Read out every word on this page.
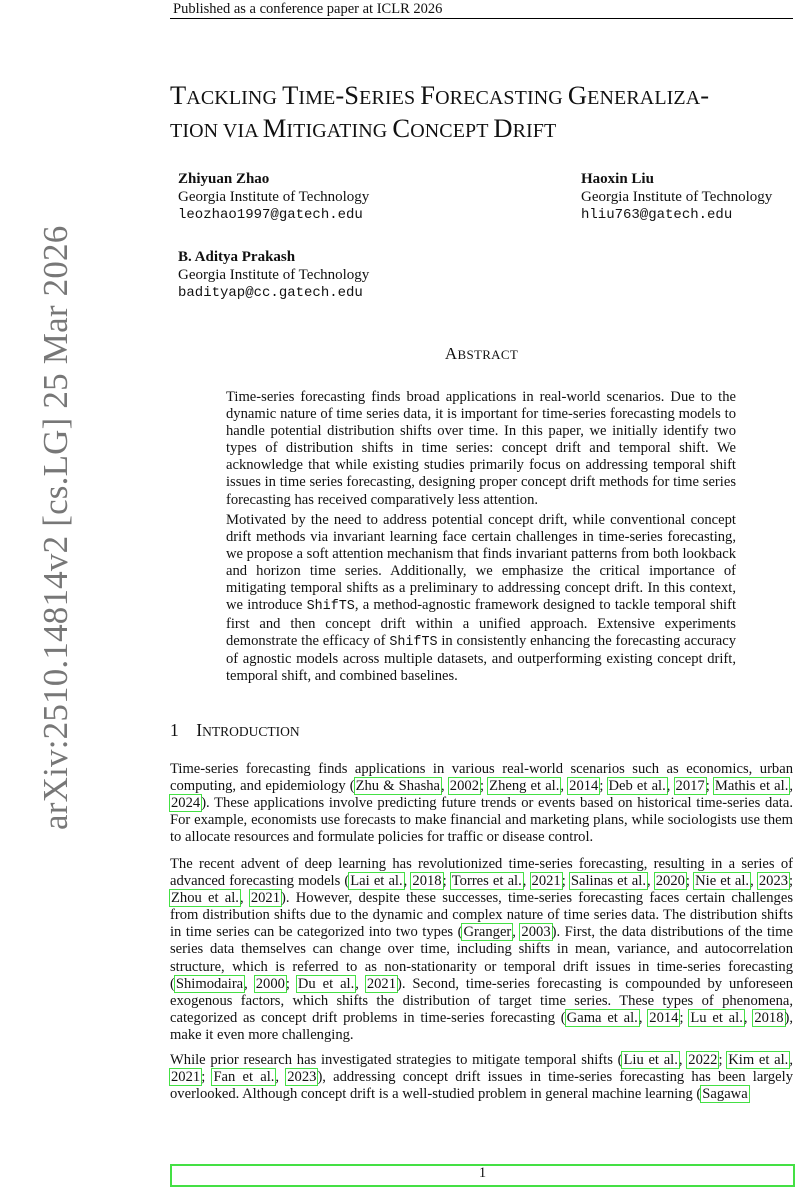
Published as a conference paper at ICLR 2026
arXiv:2510.14814v2 [cs.LG] 25 Mar 2026
TACKLING TIME-SERIES FORECASTING GENERALIZA-
TION VIA MITIGATING CONCEPT DRIFT
Zhiyuan Zhao
Georgia Institute of Technology
leozhao1997@gatech.edu
Haoxin Liu
Georgia Institute of Technology
hliu763@gatech.edu
B. Aditya Prakash
Georgia Institute of Technology
badityap@cc.gatech.edu
ABSTRACT
Time-series forecasting finds broad applications in real-world scenarios. Due to the dynamic nature of time series data, it is important for time-series forecasting models to handle potential distribution shifts over time. In this paper, we initially identify two types of distribution shifts in time series: concept drift and temporal shift. We acknowledge that while existing studies primarily focus on addressing temporal shift issues in time series forecasting, designing proper concept drift methods for time series forecasting has received comparatively less attention.
Motivated by the need to address potential concept drift, while conventional concept drift methods via invariant learning face certain challenges in time-series forecasting, we propose a soft attention mechanism that finds invariant patterns from both lookback and horizon time series. Additionally, we emphasize the critical importance of mitigating temporal shifts as a preliminary to addressing concept drift. In this context, we introduce ShifTS, a method-agnostic framework designed to tackle temporal shift first and then concept drift within a unified approach. Extensive experiments demonstrate the efficacy of ShifTS in consistently enhancing the forecasting accuracy of agnostic models across multiple datasets, and outperforming existing concept drift, temporal shift, and combined baselines.
1 INTRODUCTION
Time-series forecasting finds applications in various real-world scenarios such as economics, urban computing, and epidemiology (Zhu & Shasha, 2002; Zheng et al., 2014; Deb et al., 2017; Mathis et al., 2024). These applications involve predicting future trends or events based on historical time-series data. For example, economists use forecasts to make financial and marketing plans, while sociologists use them to allocate resources and formulate policies for traffic or disease control.
The recent advent of deep learning has revolutionized time-series forecasting, resulting in a series of advanced forecasting models (Lai et al., 2018; Torres et al., 2021; Salinas et al., 2020; Nie et al., 2023; Zhou et al., 2021). However, despite these successes, time-series forecasting faces certain challenges from distribution shifts due to the dynamic and complex nature of time series data. The distribution shifts in time series can be categorized into two types (Granger, 2003). First, the data distributions of the time series data themselves can change over time, including shifts in mean, variance, and autocorrelation structure, which is referred to as non-stationarity or temporal drift issues in time-series forecasting (Shimodaira, 2000; Du et al., 2021). Second, time-series forecasting is compounded by unforeseen exogenous factors, which shifts the distribution of target time series. These types of phenomena, categorized as concept drift problems in time-series forecasting (Gama et al., 2014; Lu et al., 2018), make it even more challenging.
While prior research has investigated strategies to mitigate temporal shifts (Liu et al., 2022; Kim et al., 2021; Fan et al., 2023), addressing concept drift issues in time-series forecasting has been largely overlooked. Although concept drift is a well-studied problem in general machine learning (Sagawa
1
